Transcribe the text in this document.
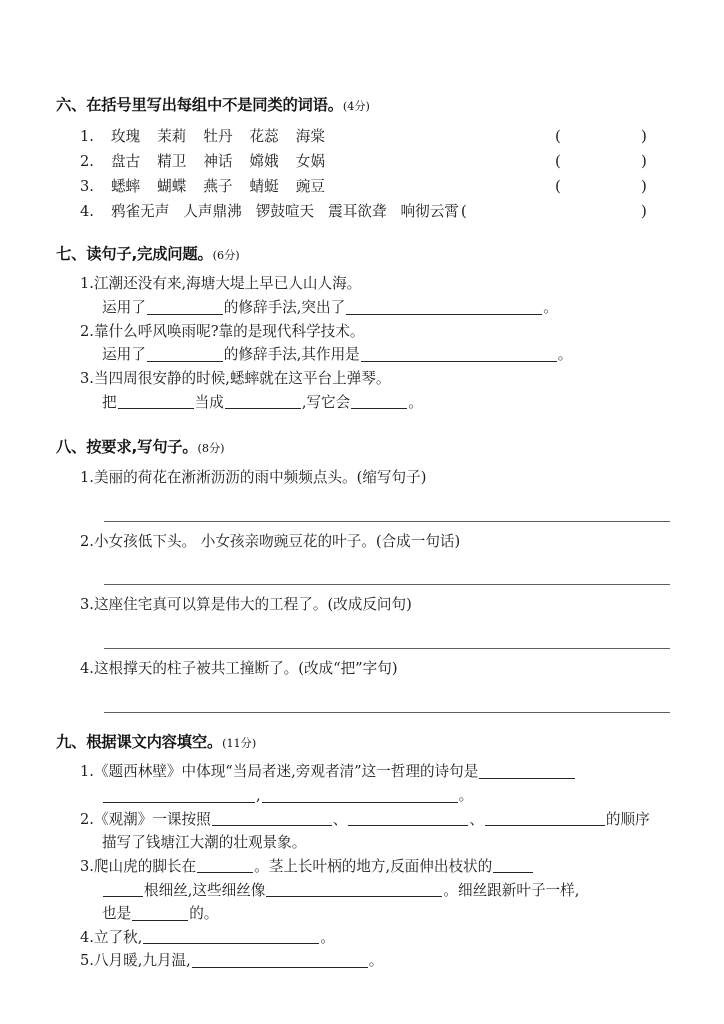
六、在括号里写出每组中不是同类的词语。(4分)
1. 玫瑰 茉莉 牡丹 花蕊 海棠	(	)
2. 盘古 精卫 神话 嫦娥 女娲	(	)
3. 蟋蟀 蝴蝶 燕子 蜻蜓 豌豆	(	)
4. 鸦雀无声 人声鼎沸 锣鼓喧天 震耳欲聋 响彻云霄 (	)
七、读句子,完成问题。(6分)
1.江潮还没有来,海塘大堤上早已人山人海。
运用了	的修辞手法,突出了	。
2.靠什么呼风唤雨呢?靠的是现代科学技术。
运用了	的修辞手法,其作用是	。
3.当四周很安静的时候,蟋蟀就在这平台上弹琴。
把	当成	,写它会	。
八、按要求,写句子。(8分)
1.美丽的荷花在淅淅沥沥的雨中频频点头。(缩写句子)
2.小女孩低下头。 小女孩亲吻豌豆花的叶子。(合成一句话)
3.这座住宅真可以算是伟大的工程了。(改成反问句)
4.这根撑天的柱子被共工撞断了。(改成“把”字句)
九、根据课文内容填空。(11分)
1.《题西林壁》中体现“当局者迷,旁观者清”这一哲理的诗句是
,	。
2.《观潮》一课按照	、	、	的顺序
描写了钱塘江大潮的壮观景象。
3.爬山虎的脚长在	。茎上长叶柄的地方,反面伸出枝状的
根细丝,这些细丝像	。细丝跟新叶子一样,
也是	的。
4.立了秋,	。
5.八月暖,九月温,	。
